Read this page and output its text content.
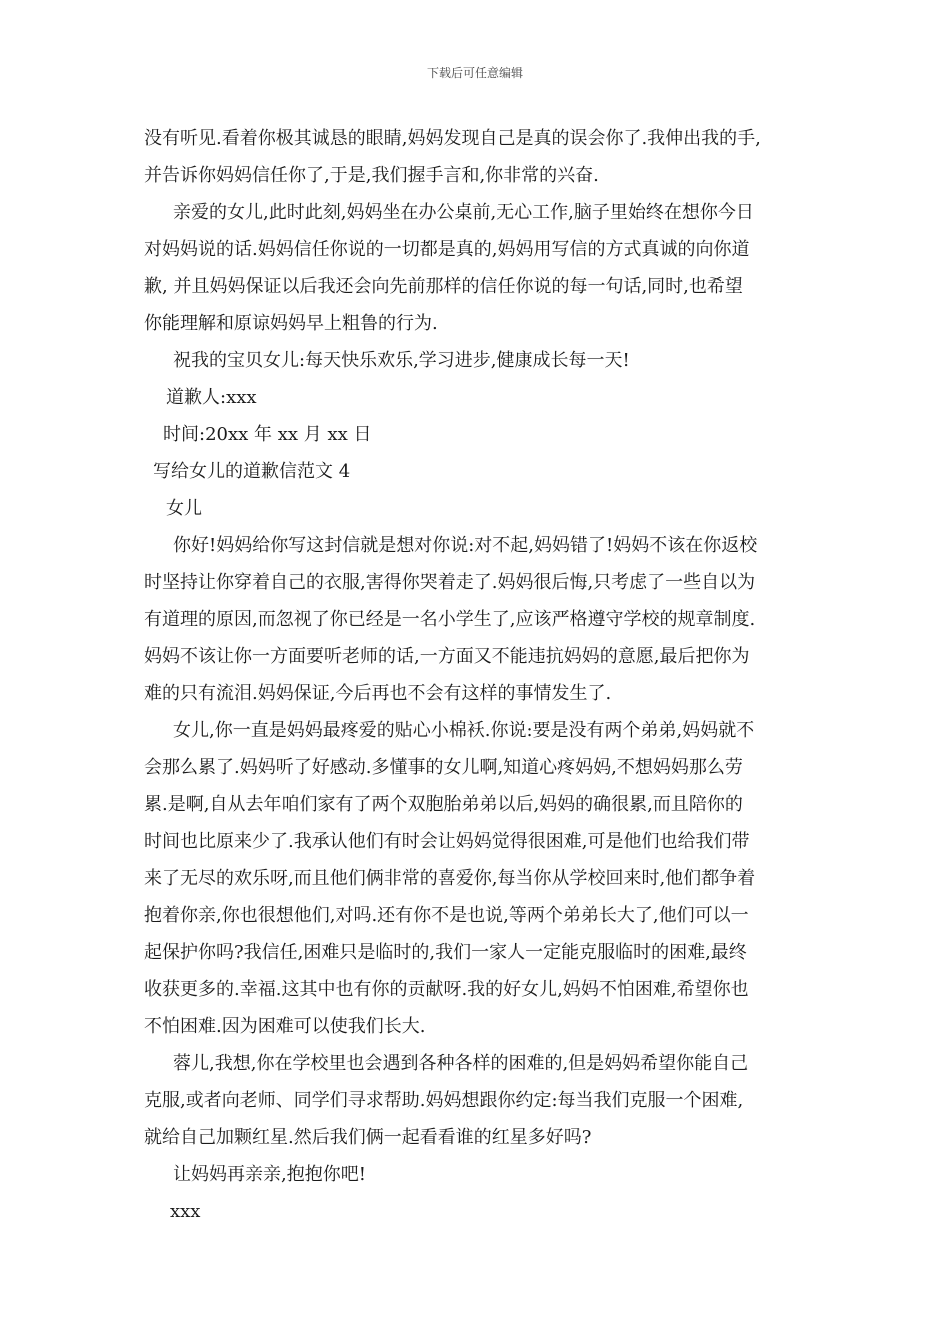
下载后可任意编辑
没有听见.看着你极其诚恳的眼睛,妈妈发现自己是真的误会你了.我伸出我的手,
并告诉你妈妈信任你了,于是,我们握手言和,你非常的兴奋.
亲爱的女儿,此时此刻,妈妈坐在办公桌前,无心工作,脑子里始终在想你今日
对妈妈说的话.妈妈信任你说的一切都是真的,妈妈用写信的方式真诚的向你道
歉, 并且妈妈保证以后我还会向先前那样的信任你说的每一句话,同时,也希望
你能理解和原谅妈妈早上粗鲁的行为.
祝我的宝贝女儿:每天快乐欢乐,学习进步,健康成长每一天!
道歉人:xxx
时间:20xx 年 xx 月 xx 日
写给女儿的道歉信范文 4
女儿
你好!妈妈给你写这封信就是想对你说:对不起,妈妈错了!妈妈不该在你返校
时坚持让你穿着自己的衣服,害得你哭着走了.妈妈很后悔,只考虑了一些自以为
有道理的原因,而忽视了你已经是一名小学生了,应该严格遵守学校的规章制度.
妈妈不该让你一方面要听老师的话,一方面又不能违抗妈妈的意愿,最后把你为
难的只有流泪.妈妈保证,今后再也不会有这样的事情发生了.
女儿,你一直是妈妈最疼爱的贴心小棉袄.你说:要是没有两个弟弟,妈妈就不
会那么累了.妈妈听了好感动.多懂事的女儿啊,知道心疼妈妈,不想妈妈那么劳
累.是啊,自从去年咱们家有了两个双胞胎弟弟以后,妈妈的确很累,而且陪你的
时间也比原来少了.我承认他们有时会让妈妈觉得很困难,可是他们也给我们带
来了无尽的欢乐呀,而且他们俩非常的喜爱你,每当你从学校回来时,他们都争着
抱着你亲,你也很想他们,对吗.还有你不是也说,等两个弟弟长大了,他们可以一
起保护你吗?我信任,困难只是临时的,我们一家人一定能克服临时的困难,最终
收获更多的.幸福.这其中也有你的贡献呀.我的好女儿,妈妈不怕困难,希望你也
不怕困难.因为困难可以使我们长大.
蓉儿,我想,你在学校里也会遇到各种各样的困难的,但是妈妈希望你能自己
克服,或者向老师、同学们寻求帮助.妈妈想跟你约定:每当我们克服一个困难,
就给自己加颗红星.然后我们俩一起看看谁的红星多好吗?
让妈妈再亲亲,抱抱你吧!
xxx
